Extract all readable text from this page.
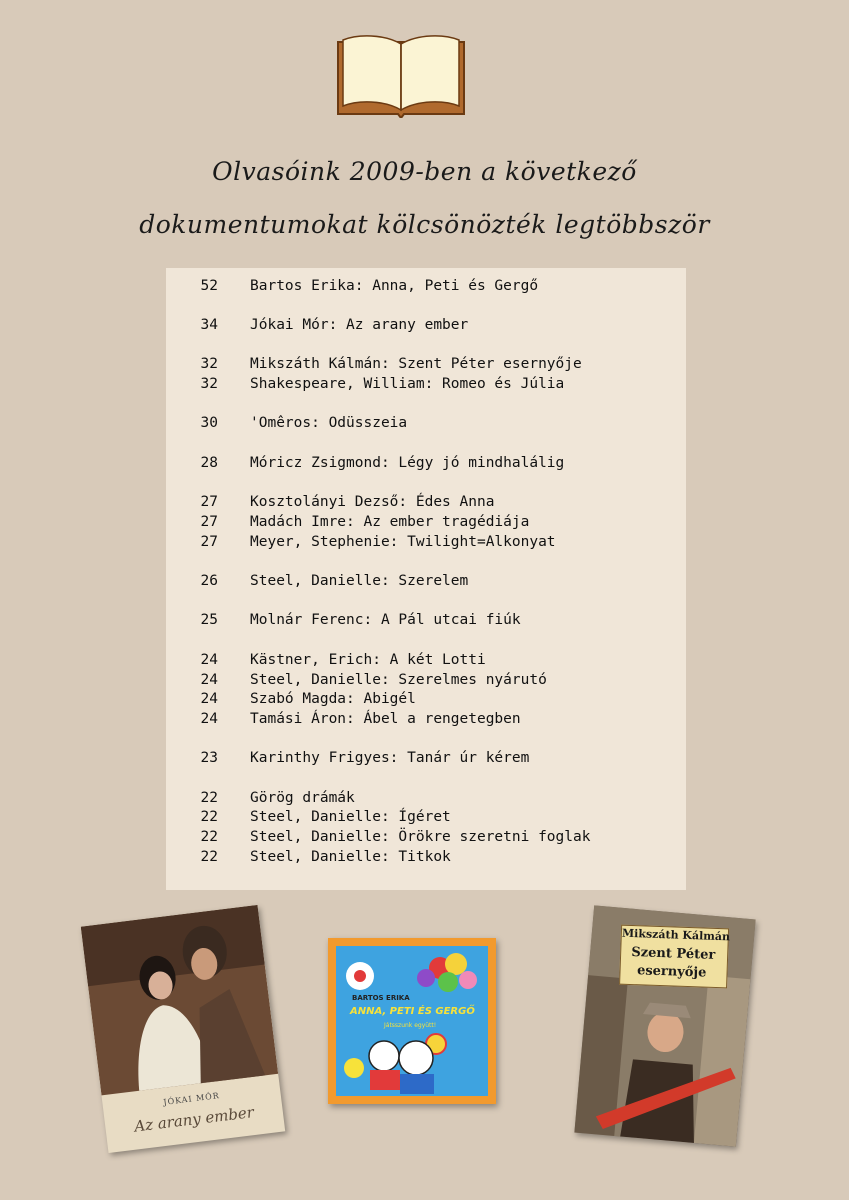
Olvasóink 2009-ben a következő
dokumentumokat kölcsönözték legtöbbször
52 Bartos Erika: Anna, Peti és Gergő
34 Jókai Mór: Az arany ember
32 Mikszáth Kálmán: Szent Péter esernyője
32 Shakespeare, William: Romeo és Júlia
30 'Omêros: Odüsszeia
28 Móricz Zsigmond: Légy jó mindhalálig
27 Kosztolányi Dezső: Édes Anna
27 Madách Imre: Az ember tragédiája
27 Meyer, Stephenie: Twilight=Alkonyat
26 Steel, Danielle: Szerelem
25 Molnár Ferenc: A Pál utcai fiúk
24 Kästner, Erich: A két Lotti
24 Steel, Danielle: Szerelmes nyárutó
24 Szabó Magda: Abigél
24 Tamási Áron: Ábel a rengetegben
23 Karinthy Frigyes: Tanár úr kérem
22 Görög drámák
22 Steel, Danielle: Ígéret
22 Steel, Danielle: Örökre szeretni foglak
22 Steel, Danielle: Titkok
JÓKAI MÓR
Az arany ember
BARTOS ERIKA
ANNA, PETI ÉS GERGŐ
Játsszunk együtt!
Mikszáth Kálmán
Szent Péter
esernyője
